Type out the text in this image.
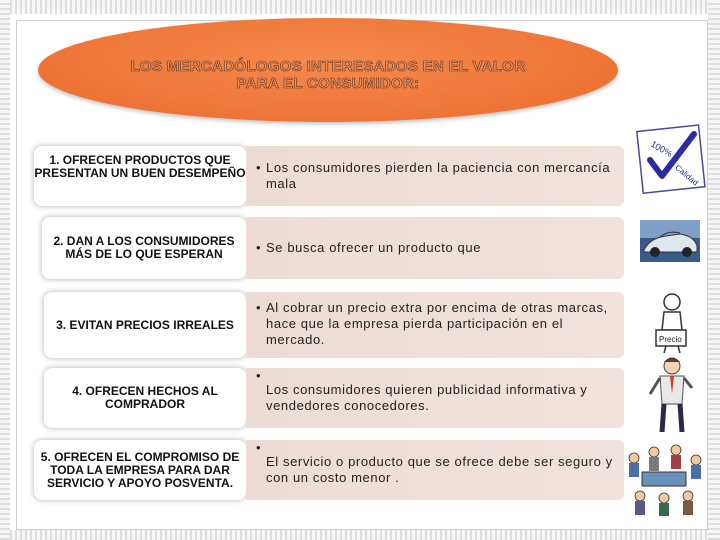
LOS MERCADÓLOGOS INTERESADOS EN EL VALOR
PARA EL CONSUMIDOR:
1. OFRECEN PRODUCTOS QUE PRESENTAN UN BUEN DESEMPEÑO • Los consumidores pierden la paciencia con mercancía mala
2. DAN A LOS CONSUMIDORES MÁS DE LO QUE ESPERAN	• Se busca ofrecer un producto que
3. EVITAN PRECIOS IRREALES
• Al cobrar un precio extra por encima de otras marcas, hace que la empresa pierda participación en el mercado.
4. OFRECEN HECHOS AL COMPRADOR
•
Los consumidores quieren publicidad informativa y vendedores conocedores.
5. OFRECEN EL COMPROMISO DE TODA LA EMPRESA PARA DAR SERVICIO Y APOYO POSVENTA.
•
El servicio o producto que se ofrece debe ser seguro y con un costo menor .
100%
Calidad
Precio
